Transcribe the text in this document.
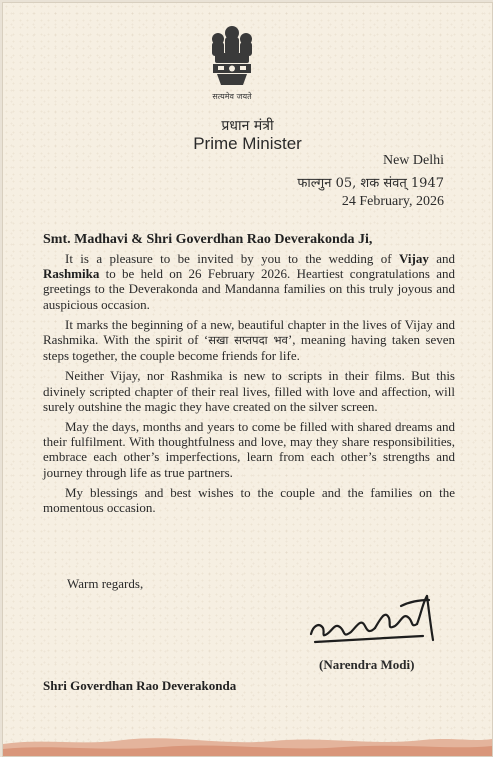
सत्यमेव जयते
प्रधान मंत्री
Prime Minister
New Delhi
फाल्गुन 05, शक संवत् 1947
24 February, 2026
Smt. Madhavi & Shri Goverdhan Rao Deverakonda Ji,

It is a pleasure to be invited by you to the wedding of Vijay and Rashmika to be held on 26 February 2026. Heartiest congratulations and greetings to the Deverakonda and Mandanna families on this truly joyous and auspicious occasion.

It marks the beginning of a new, beautiful chapter in the lives of Vijay and Rashmika. With the spirit of ‘सखा सप्तपदा भव’, meaning having taken seven steps together, the couple become friends for life.

Neither Vijay, nor Rashmika is new to scripts in their films. But this divinely scripted chapter of their real lives, filled with love and affection, will surely outshine the magic they have created on the silver screen.

May the days, months and years to come be filled with shared dreams and their fulfilment. With thoughtfulness and love, may they share responsibilities, embrace each other’s imperfections, learn from each other’s strengths and journey through life as true partners.

My blessings and best wishes to the couple and the families on the momentous occasion.

Warm regards,
(Narendra Modi)
Shri Goverdhan Rao Deverakonda
